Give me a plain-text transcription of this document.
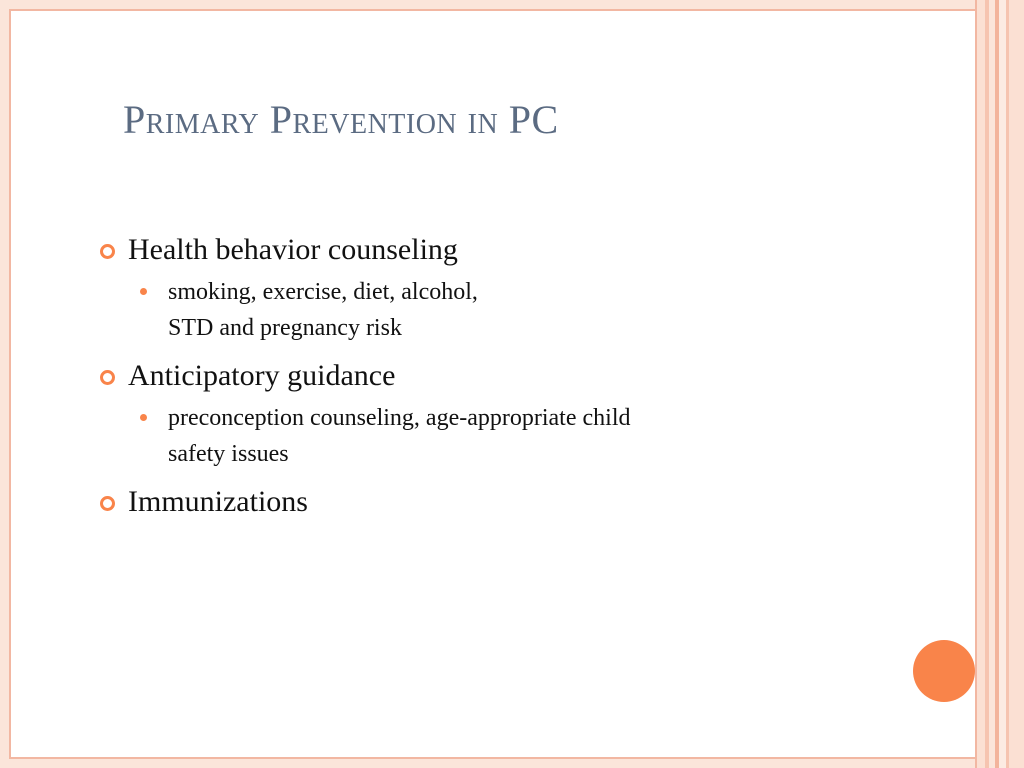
Primary Prevention in PC

Health behavior counseling

smoking, exercise, diet, alcohol,
STD and pregnancy risk

Anticipatory guidance

preconception counseling, age-appropriate child
safety issues

Immunizations
